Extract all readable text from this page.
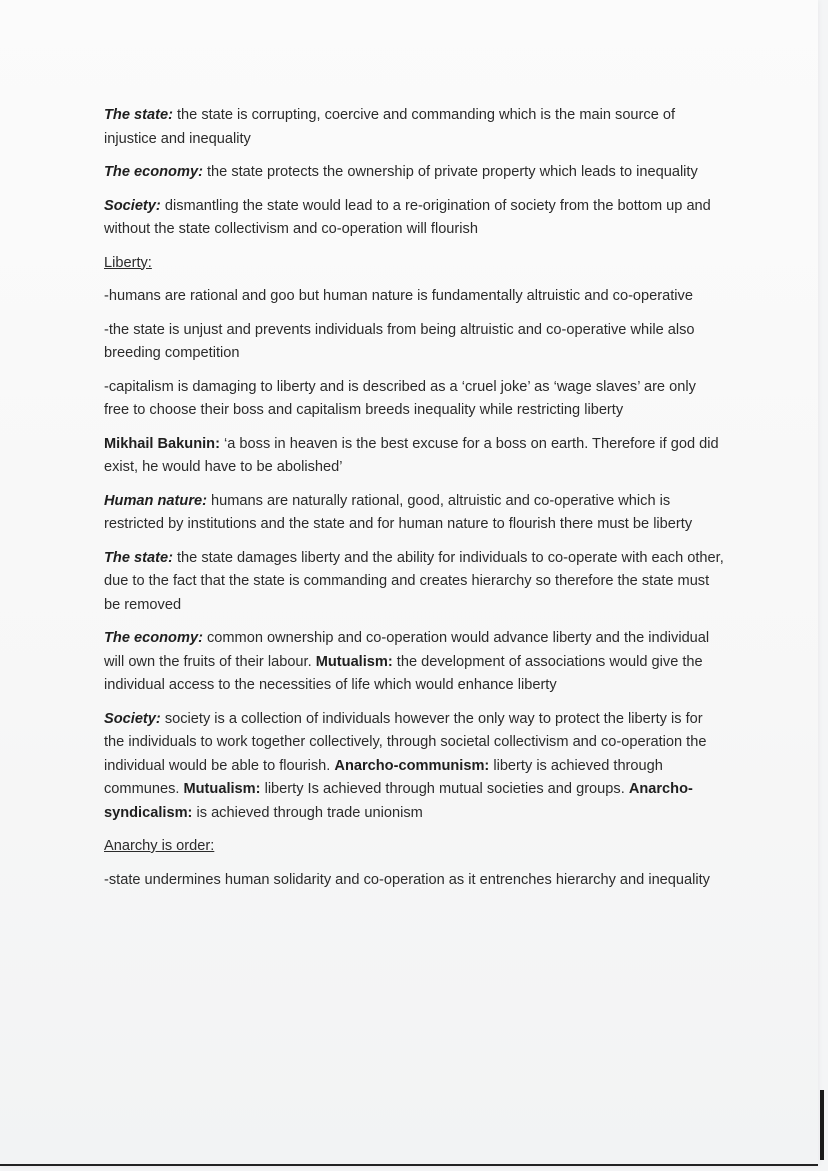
The state: the state is corrupting, coercive and commanding which is the main source of injustice and inequality

The economy: the state protects the ownership of private property which leads to inequality

Society: dismantling the state would lead to a re-origination of society from the bottom up and without the state collectivism and co-operation will flourish

Liberty:

-humans are rational and goo but human nature is fundamentally altruistic and co-operative

-the state is unjust and prevents individuals from being altruistic and co-operative while also breeding competition

-capitalism is damaging to liberty and is described as a ‘cruel joke’ as ‘wage slaves’ are only free to choose their boss and capitalism breeds inequality while restricting liberty

Mikhail Bakunin: ‘a boss in heaven is the best excuse for a boss on earth. Therefore if god did exist, he would have to be abolished’

Human nature: humans are naturally rational, good, altruistic and co-operative which is restricted by institutions and the state and for human nature to flourish there must be liberty

The state: the state damages liberty and the ability for individuals to co-operate with each other, due to the fact that the state is commanding and creates hierarchy so therefore the state must be removed

The economy: common ownership and co-operation would advance liberty and the individual will own the fruits of their labour. Mutualism: the development of associations would give the individual access to the necessities of life which would enhance liberty

Society: society is a collection of individuals however the only way to protect the liberty is for the individuals to work together collectively, through societal collectivism and co-operation the individual would be able to flourish. Anarcho-communism: liberty is achieved through communes. Mutualism: liberty Is achieved through mutual societies and groups. Anarcho-syndicalism: is achieved through trade unionism

Anarchy is order:

-state undermines human solidarity and co-operation as it entrenches hierarchy and inequality
